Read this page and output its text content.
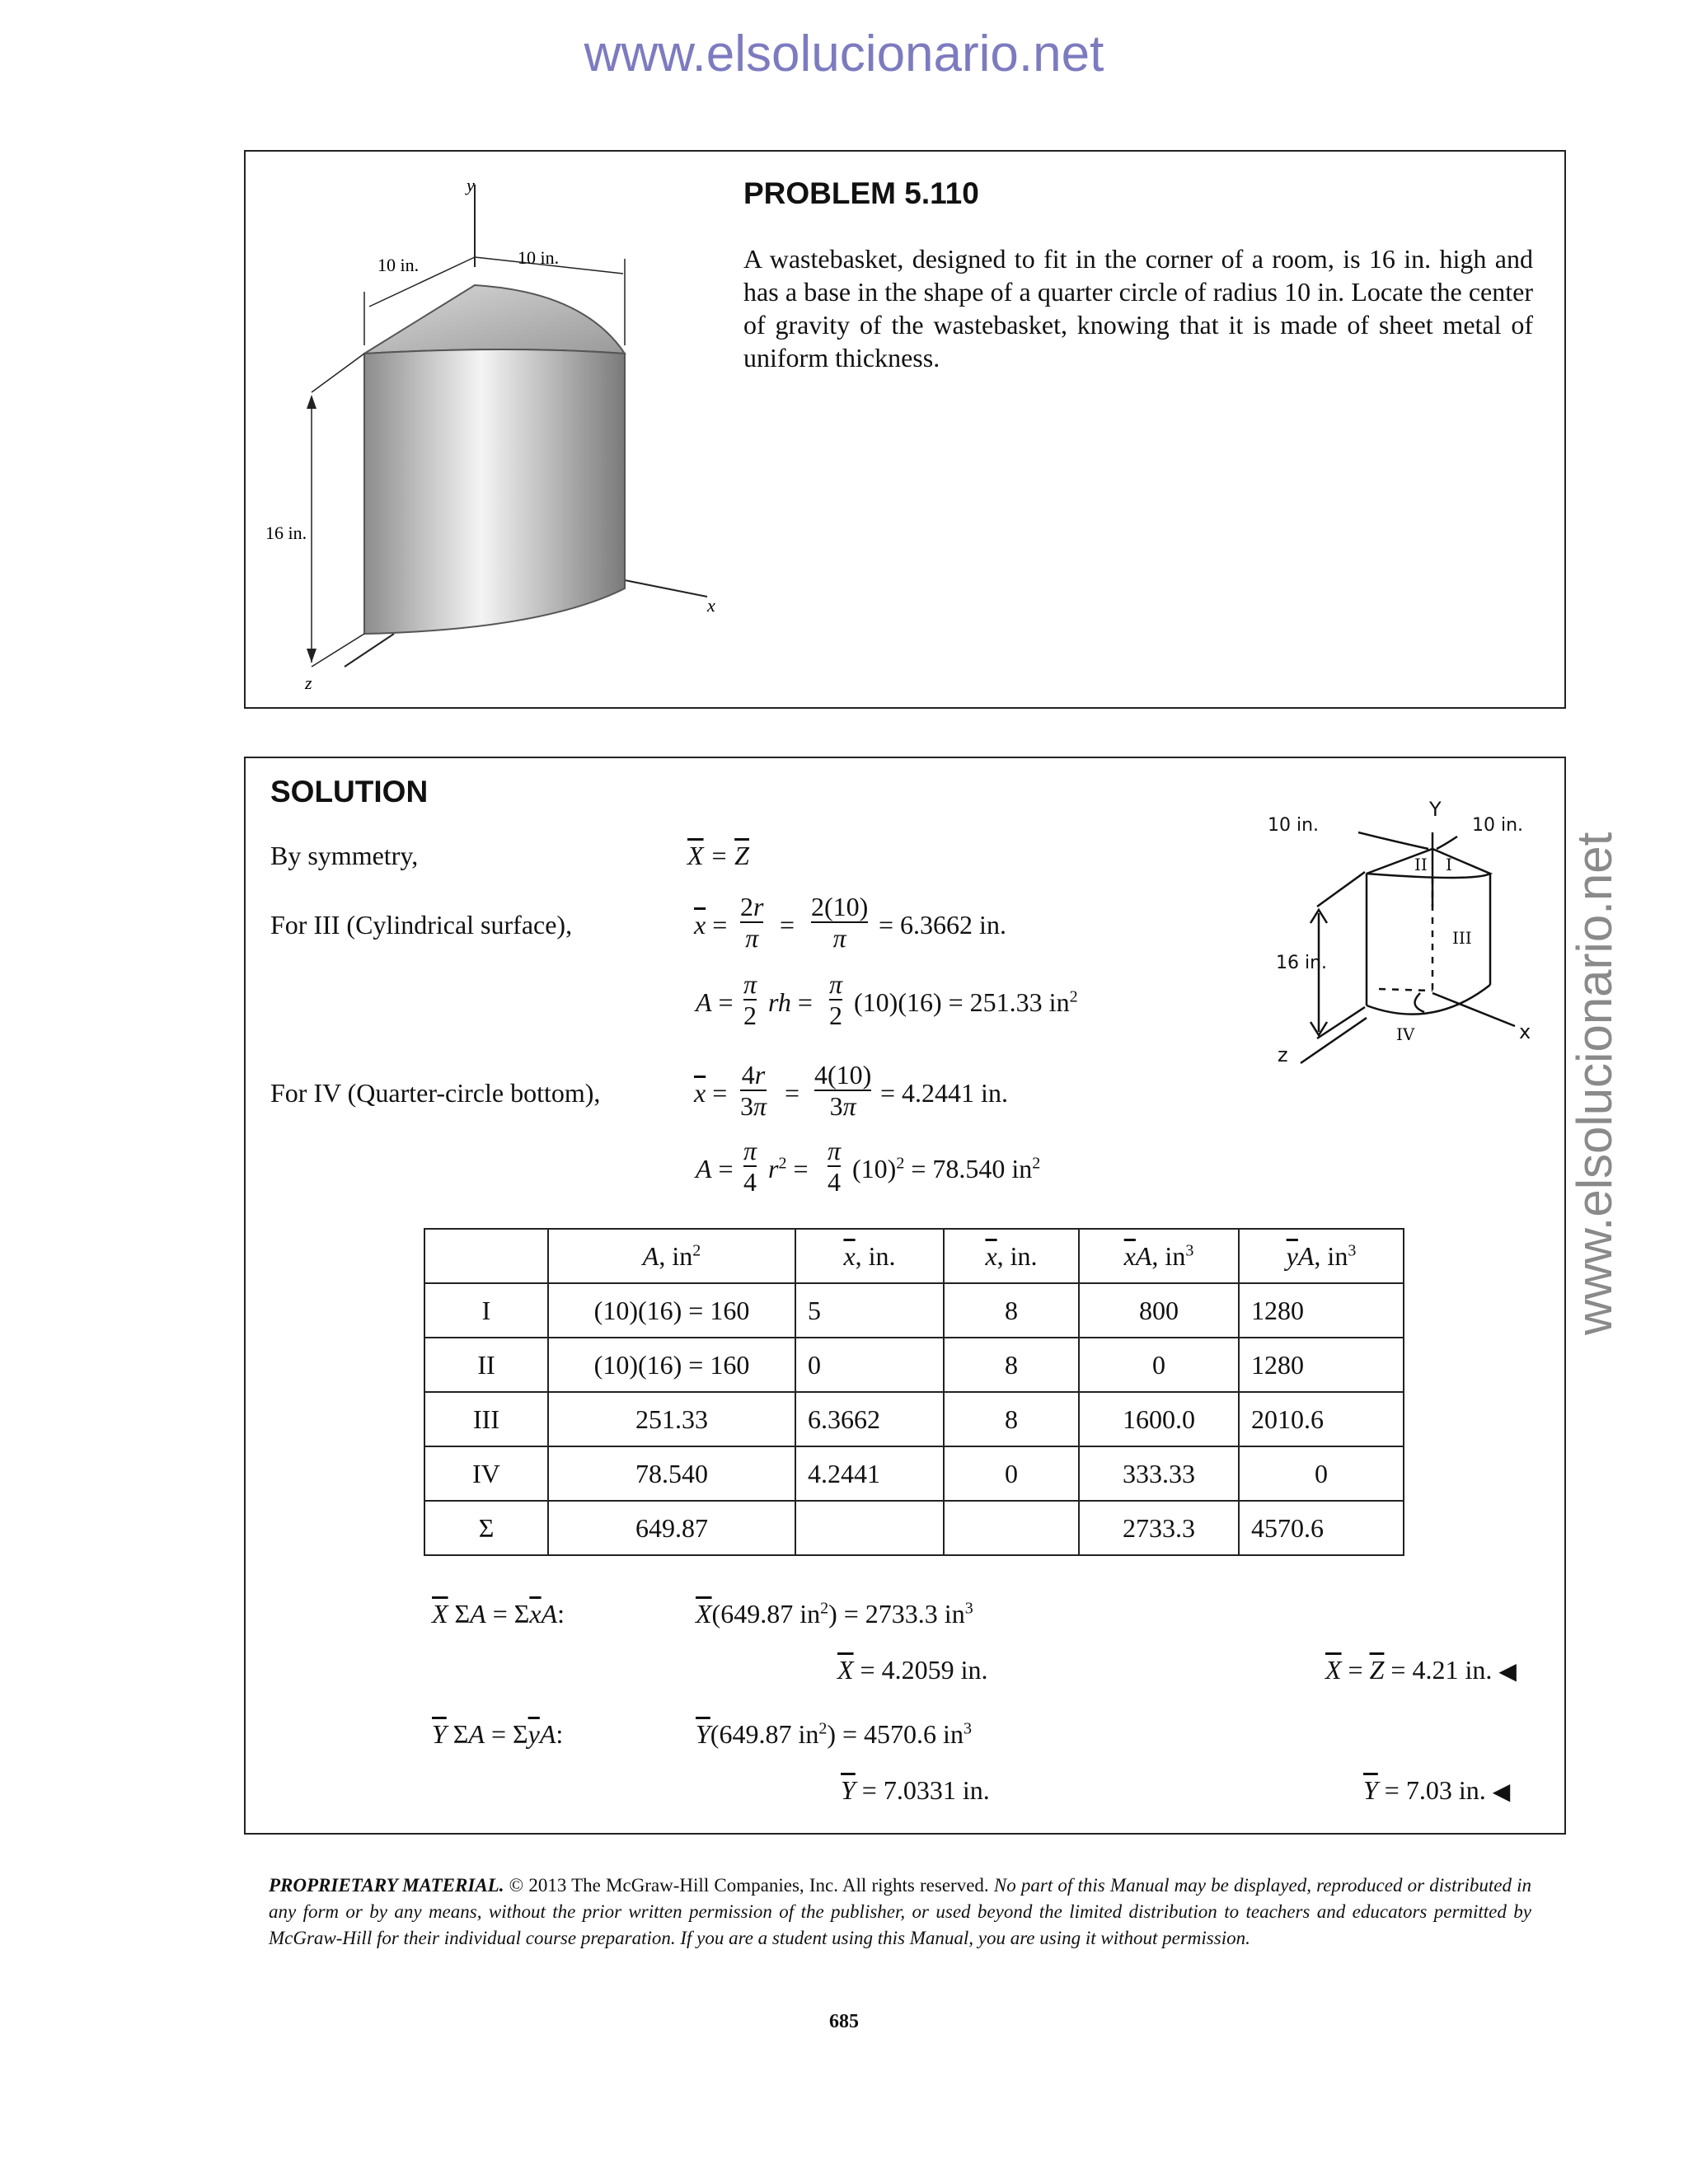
www.elsolucionario.net
www.elsolucionario.net
10 in.	10 in.
16 in.
y
x
z
PROBLEM 5.110
A wastebasket, designed to fit in the corner of a room, is 16 in. high and has a base in the shape of a quarter circle of radius 10 in. Locate the center of gravity of the wastebasket, knowing that it is made of sheet metal of uniform thickness.
SOLUTION
By symmetry,	$\overline{X} = \overline{Z}$
For III (Cylindrical surface),	$\overline{x}$ =
2r
π =
2(10)
π = 6.3662 in.
A =
π
2 rh =
π
2 (10)(16) = 251.33 $in^2$
For IV (Quarter-circle bottom),	$\overline{x}$ =
4r
3π =
4(10)
3π = 4.2441 in.
A =
π
4 $r^2$ =
π
4 $(10)^2 = 78.540$ $in^2$
10 in.	10 in.
16 in.
Y
x
z
II I
III
IV
	A, $in^2$	$\overline{x}$, in.	$\overline{x}$, in.	$\overline{x}A$, $in^3$	$\overline{y}A$, $in^3$
I	(10)(16) = 160	5	8	800	1280
II	(10)(16) = 160	0	8	0	1280
III	251.33	6.3662	8	1600.0	2010.6
IV	78.540	4.2441	0	333.33	0
Σ	649.87			2733.3	4570.6
$\overline{X}$ $\Sigma A = \Sigma\overline{x}A$:	$\overline{X}(649.87$ $in^2) = 2733.3$ $in^3$
$\overline{X} = 4.2059$ in.	$\overline{X} = \overline{Z} = 4.21$ in. ◀
$\overline{Y}$ $\Sigma A = \Sigma\overline{y}A$:	$\overline{Y}(649.87$ $in^2) = 4570.6$ $in^3$
$\overline{Y} = 7.0331$ in.	$\overline{Y} = 7.03$ in. ◀
PROPRIETARY MATERIAL. © 2013 The McGraw-Hill Companies, Inc. All rights reserved. No part of this Manual may be displayed, reproduced or distributed in any form or by any means, without the prior written permission of the publisher, or used beyond the limited distribution to teachers and educators permitted by McGraw-Hill for their individual course preparation. If you are a student using this Manual, you are using it without permission.
685
